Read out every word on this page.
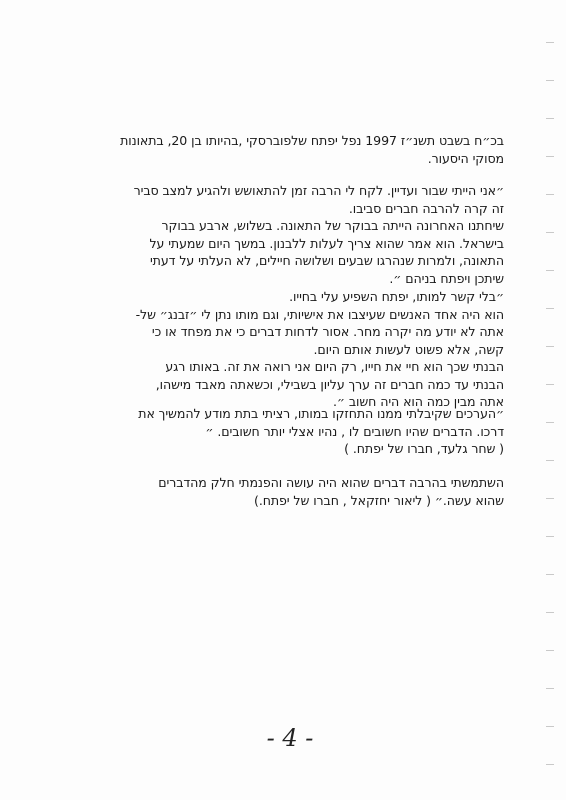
בכ״ח בשבט תשנ״ז 1997 נפל יפתח שלפוברסקי ,בהיותו בן 20, בתאונות
מסוקי היסעור.
״אני הייתי שבור ועדיין. לקח לי הרבה זמן להתאושש ולהגיע למצב סביר
זה קרה להרבה חברים סביבו.
שיחתנו האחרונה הייתה בבוקר של התאונה. בשלוש, ארבע בבוקר
בישראל. הוא אמר שהוא צריך לעלות ללבנון. במשך היום שמעתי על
התאונה, ולמרות שנהרגו שבעים ושלושה חיילים, לא העלתי על דעתי
שיתכן ויפתח בניהם ״.
״בלי קשר למותו, יפתח השפיע עלי בחייו.
הוא היה אחד האנשים שעיצבו את אישיותי, וגם מותו נתן לי ״זבנג״ של-
אתה לא יודע מה יקרה מחר. אסור לדחות דברים כי את מפחד או כי
קשה, אלא פשוט לעשות אותם היום.
הבנתי שכך הוא חיי את חייו, רק היום אני רואה את זה. באותו רגע
הבנתי עד כמה חברים זה ערך עליון בשבילי, וכשאתה מאבד מישהו,
אתה מבין כמה הוא היה חשוב ״.
״הערכים שקיבלתי ממנו התחזקו במותו, רציתי בתת מודע להמשיך את
דרכו. הדברים שהיו חשובים לו , נהיו אצלי יותר חשובים. ״
( שחר גלעד, חברו של יפתח. )
השתמשתי בהרבה דברים שהוא היה עושה והפנמתי חלק מהדברים
שהוא עשה.״ ( ליאור יחזקאל , חברו של יפתח.)
- 4 -
